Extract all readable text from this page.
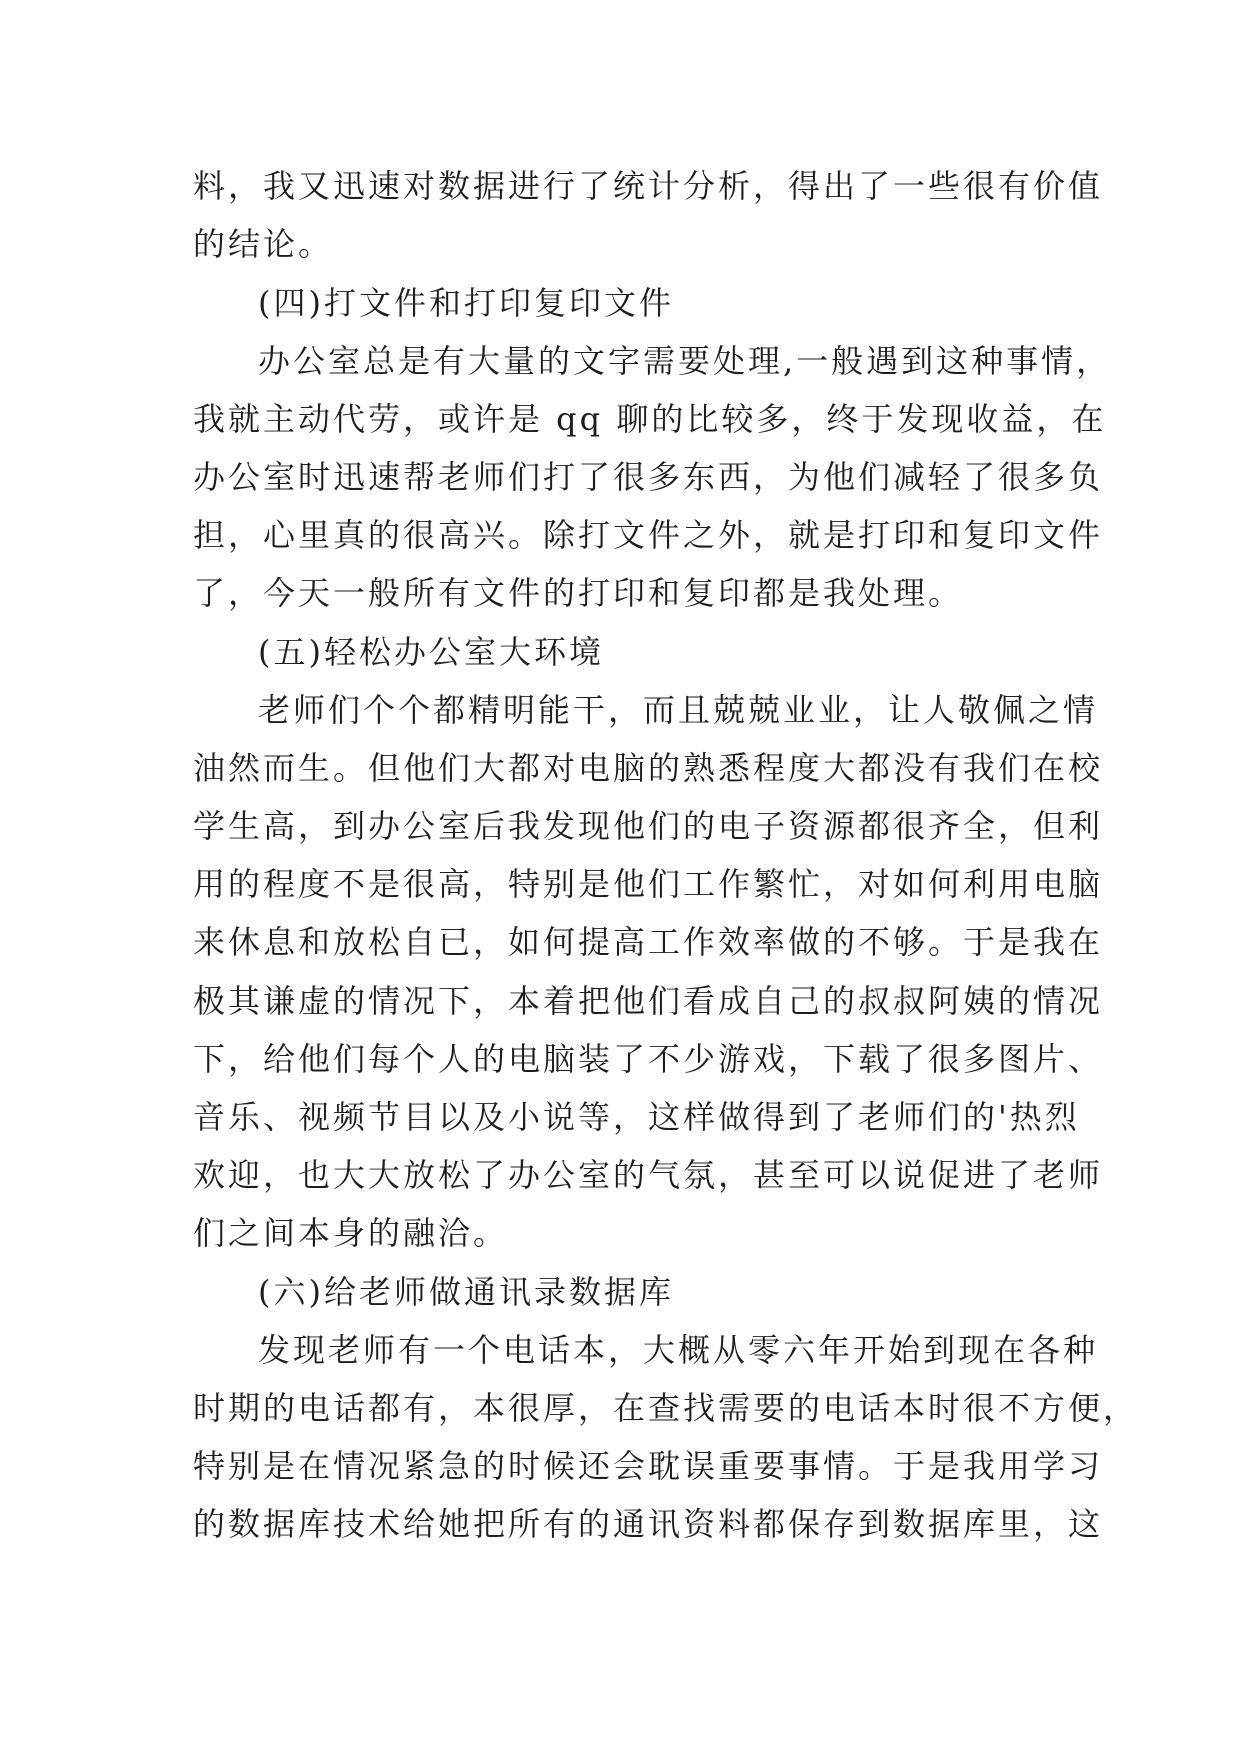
料，我又迅速对数据进行了统计分析，得出了一些很有价值
的结论。
(四)打文件和打印复印文件
办公室总是有大量的文字需要处理,一般遇到这种事情，
我就主动代劳，或许是 qq 聊的比较多，终于发现收益，在
办公室时迅速帮老师们打了很多东西，为他们减轻了很多负
担，心里真的很高兴。除打文件之外，就是打印和复印文件
了，今天一般所有文件的打印和复印都是我处理。
(五)轻松办公室大环境
老师们个个都精明能干，而且兢兢业业，让人敬佩之情
油然而生。但他们大都对电脑的熟悉程度大都没有我们在校
学生高，到办公室后我发现他们的电子资源都很齐全，但利
用的程度不是很高，特别是他们工作繁忙，对如何利用电脑
来休息和放松自已，如何提高工作效率做的不够。于是我在
极其谦虚的情况下，本着把他们看成自己的叔叔阿姨的情况
下，给他们每个人的电脑装了不少游戏，下载了很多图片、
音乐、视频节目以及小说等，这样做得到了老师们的'热烈
欢迎，也大大放松了办公室的气氛，甚至可以说促进了老师
们之间本身的融洽。
(六)给老师做通讯录数据库
发现老师有一个电话本，大概从零六年开始到现在各种
时期的电话都有，本很厚，在查找需要的电话本时很不方便，
特别是在情况紧急的时候还会耽误重要事情。于是我用学习
的数据库技术给她把所有的通讯资料都保存到数据库里，这
